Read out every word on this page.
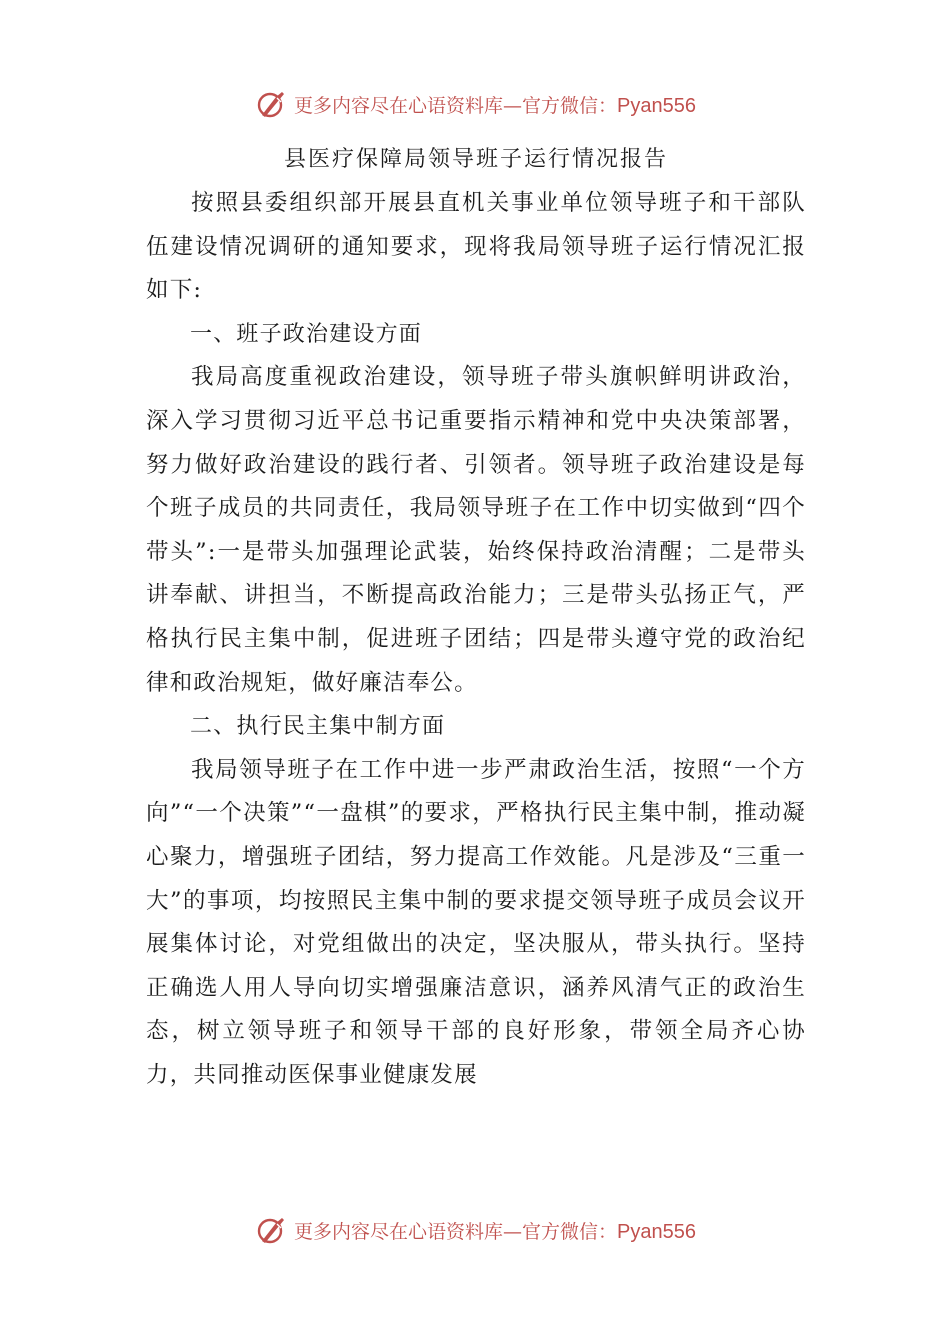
更多内容尽在心语资料库—官方微信：Pyan556
县医疗保障局领导班子运行情况报告

按照县委组织部开展县直机关事业单位领导班子和干部队伍建设情况调研的通知要求，现将我局领导班子运行情况汇报如下:

一、班子政治建设方面

我局高度重视政治建设，领导班子带头旗帜鲜明讲政治，深入学习贯彻习近平总书记重要指示精神和党中央决策部署，努力做好政治建设的践行者、引领者。领导班子政治建设是每个班子成员的共同责任，我局领导班子在工作中切实做到“四个带头”:一是带头加强理论武装，始终保持政治清醒；二是带头讲奉献、讲担当，不断提高政治能力；三是带头弘扬正气，严格执行民主集中制，促进班子团结；四是带头遵守党的政治纪律和政治规矩，做好廉洁奉公。

二、执行民主集中制方面

我局领导班子在工作中进一步严肃政治生活，按照“一个方向”“一个决策”“一盘棋”的要求，严格执行民主集中制，推动凝心聚力，增强班子团结，努力提高工作效能。凡是涉及“三重一大”的事项，均按照民主集中制的要求提交领导班子成员会议开展集体讨论，对党组做出的决定，坚决服从，带头执行。坚持正确选人用人导向切实增强廉洁意识，涵养风清气正的政治生态，树立领导班子和领导干部的良好形象，带领全局齐心协力，共同推动医保事业健康发展

更多内容尽在心语资料库—官方微信：Pyan556
